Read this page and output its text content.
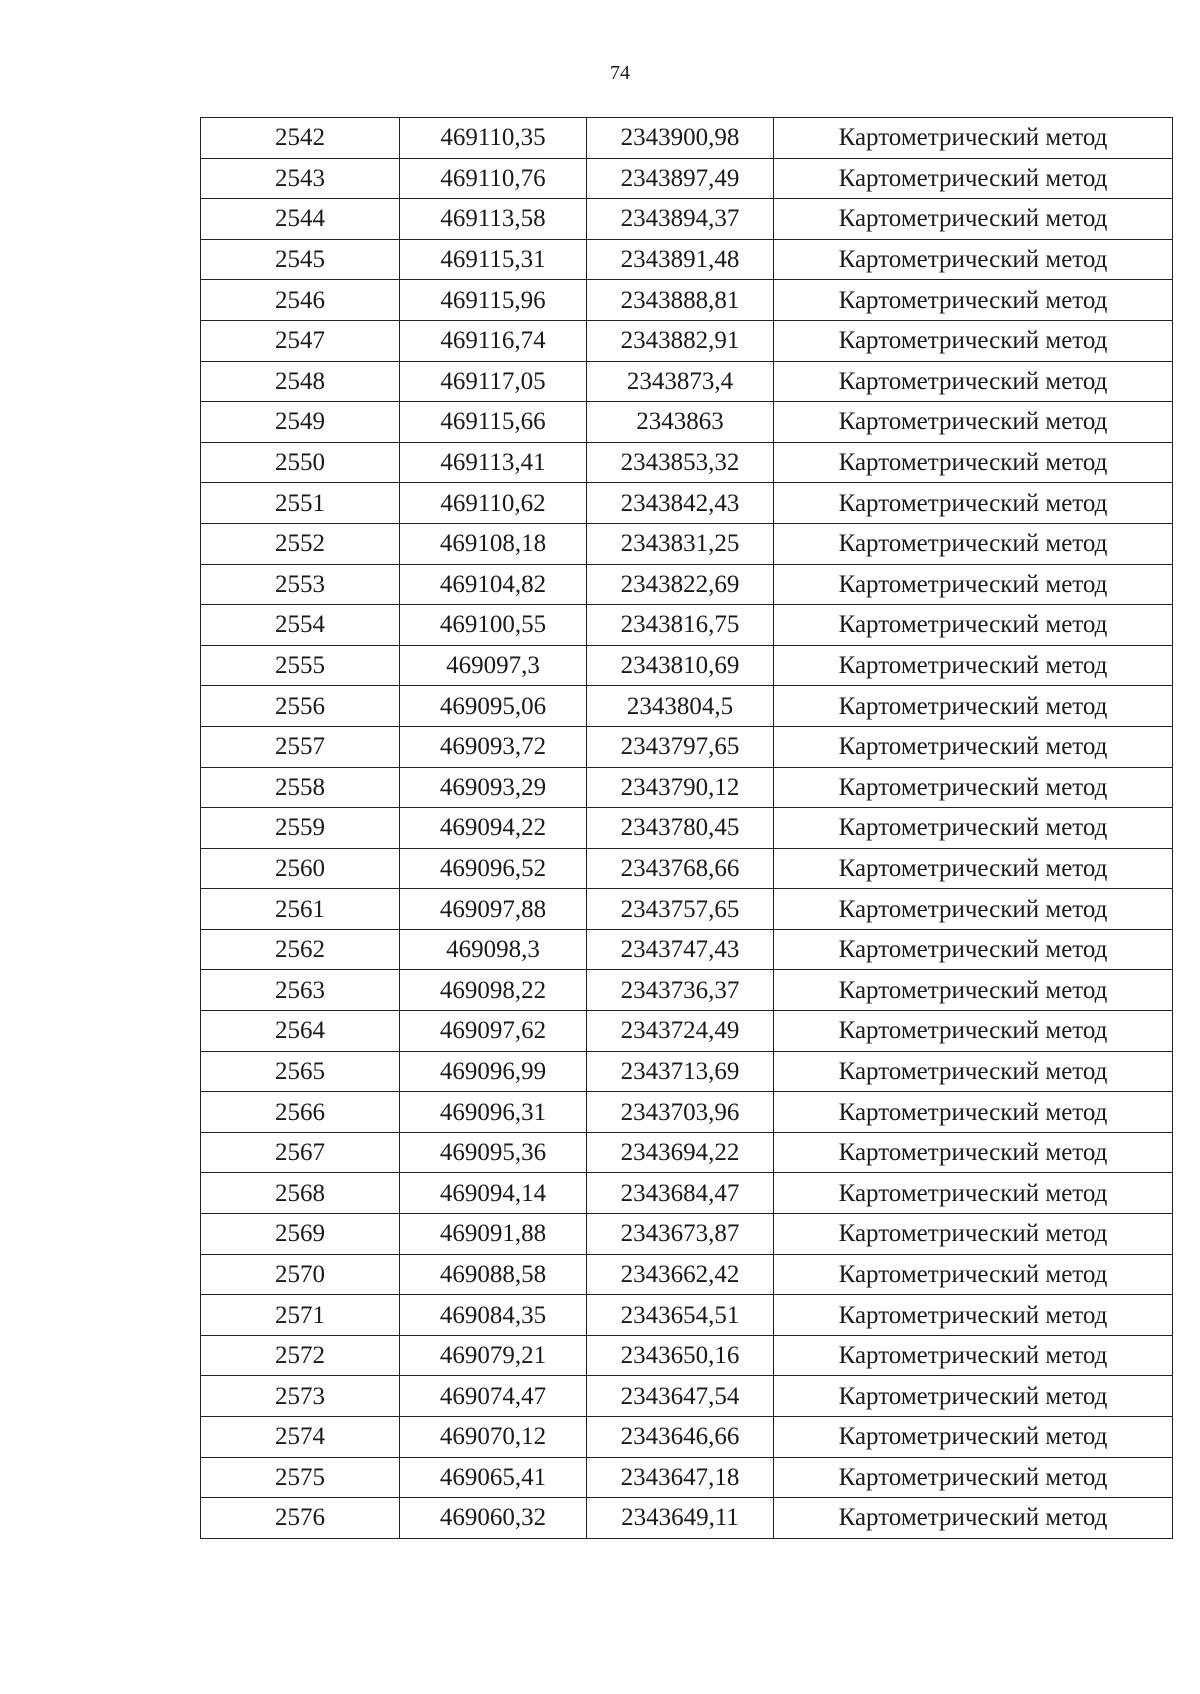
74
2542	469110,35	2343900,98	Картометрический метод
2543	469110,76	2343897,49	Картометрический метод
2544	469113,58	2343894,37	Картометрический метод
2545	469115,31	2343891,48	Картометрический метод
2546	469115,96	2343888,81	Картометрический метод
2547	469116,74	2343882,91	Картометрический метод
2548	469117,05	2343873,4	Картометрический метод
2549	469115,66	2343863	Картометрический метод
2550	469113,41	2343853,32	Картометрический метод
2551	469110,62	2343842,43	Картометрический метод
2552	469108,18	2343831,25	Картометрический метод
2553	469104,82	2343822,69	Картометрический метод
2554	469100,55	2343816,75	Картометрический метод
2555	469097,3	2343810,69	Картометрический метод
2556	469095,06	2343804,5	Картометрический метод
2557	469093,72	2343797,65	Картометрический метод
2558	469093,29	2343790,12	Картометрический метод
2559	469094,22	2343780,45	Картометрический метод
2560	469096,52	2343768,66	Картометрический метод
2561	469097,88	2343757,65	Картометрический метод
2562	469098,3	2343747,43	Картометрический метод
2563	469098,22	2343736,37	Картометрический метод
2564	469097,62	2343724,49	Картометрический метод
2565	469096,99	2343713,69	Картометрический метод
2566	469096,31	2343703,96	Картометрический метод
2567	469095,36	2343694,22	Картометрический метод
2568	469094,14	2343684,47	Картометрический метод
2569	469091,88	2343673,87	Картометрический метод
2570	469088,58	2343662,42	Картометрический метод
2571	469084,35	2343654,51	Картометрический метод
2572	469079,21	2343650,16	Картометрический метод
2573	469074,47	2343647,54	Картометрический метод
2574	469070,12	2343646,66	Картометрический метод
2575	469065,41	2343647,18	Картометрический метод
2576	469060,32	2343649,11	Картометрический метод
